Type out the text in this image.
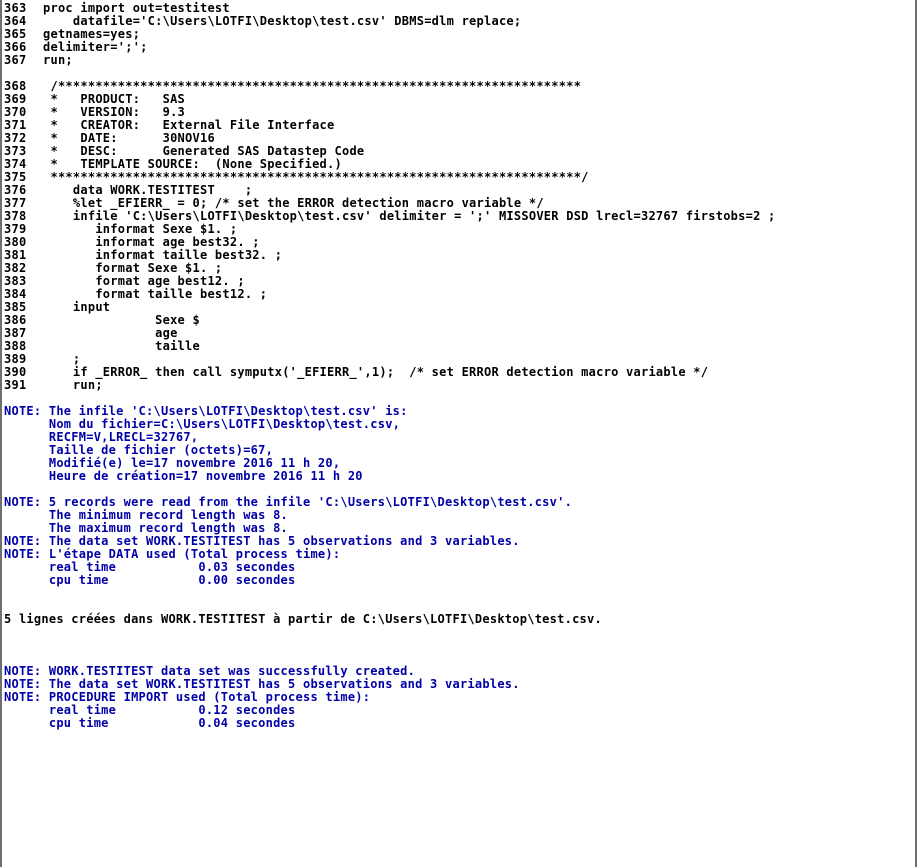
363 proc import out=testitest
364    datafile='C:\Users\LOTFI\Desktop\test.csv' DBMS=dlm replace;
365 getnames=yes;
366 delimiter=';';
367 run;
368 /**********************************************************************
369 *   PRODUCT:   SAS
370 *   VERSION:   9.3
371 *   CREATOR:   External File Interface
372 *   DATE:      30NOV16
373 *   DESC:      Generated SAS Datastep Code
374 *   TEMPLATE SOURCE:  (None Specified.)
375 ***********************************************************************/
376    data WORK.TESTITEST    ;
377    %let _EFIERR_ = 0; /* set the ERROR detection macro variable */
378    infile 'C:\Users\LOTFI\Desktop\test.csv' delimiter = ';' MISSOVER DSD lrecl=32767 firstobs=2 ;
379       informat Sexe $1. ;
380       informat age best32. ;
381       informat taille best32. ;
382       format Sexe $1. ;
383       format age best12. ;
384       format taille best12. ;
385    input
386               Sexe $
387               age
388               taille
389    ;
390    if _ERROR_ then call symputx('_EFIERR_',1);  /* set ERROR detection macro variable */
391    run;
NOTE: The infile 'C:\Users\LOTFI\Desktop\test.csv' is:
Nom du fichier=C:\Users\LOTFI\Desktop\test.csv,
RECFM=V,LRECL=32767,
Taille de fichier (octets)=67,
Modifié(e) le=17 novembre 2016 11 h 20,
Heure de création=17 novembre 2016 11 h 20
NOTE: 5 records were read from the infile 'C:\Users\LOTFI\Desktop\test.csv'.
The minimum record length was 8.
The maximum record length was 8.
NOTE: The data set WORK.TESTITEST has 5 observations and 3 variables.
NOTE: L'étape DATA used (Total process time):
real time           0.03 secondes
cpu time            0.00 secondes
5 lignes créées dans WORK.TESTITEST à partir de C:\Users\LOTFI\Desktop\test.csv.
NOTE: WORK.TESTITEST data set was successfully created.
NOTE: The data set WORK.TESTITEST has 5 observations and 3 variables.
NOTE: PROCEDURE IMPORT used (Total process time):
real time           0.12 secondes
cpu time            0.04 secondes
